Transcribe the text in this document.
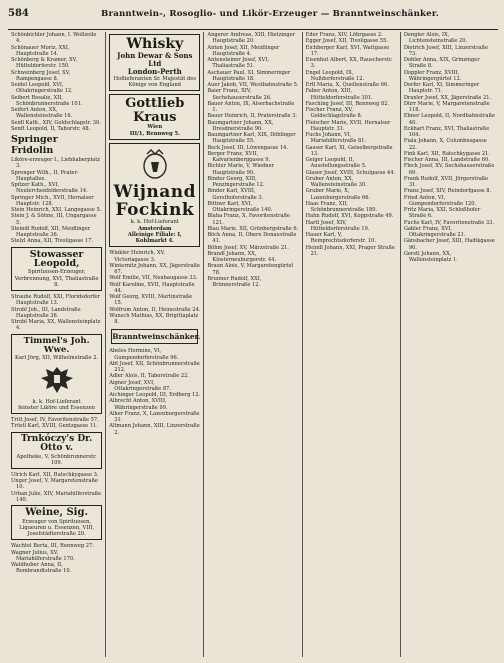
584	Branntwein-, Rosoglio- und Likör-Erzeuger — Branntweinschänker.
Schönbichler Johann, I. Wollzeile 4.
Schönauer Moriz, XXI, Hauptstraße 14.
Schönberg & Kramer, XV, Hütteldorferstr. 150.
Schweinberg Josef, XV, Rampengasse 8.
Seidel Leopold, XVI, Ottakringerstraße 12.
Seibert Rosalie, XII, Schönbrunnerstraße 101.
Seifert Anton, XX, Wallensteinstraße 16.
Seidl Kath., XIV, Goldschlagstr. 30.
Senft Leopold, II, Taborstr. 48.
Springer Fridolin
Liköre-erzeuger I., Liebhaberplatz 3.
Sprenger Wilh., II, Prater-Hauptallee.
Spitzer Kath., XVI, Neulerchenfelderstraße 14.
Springer Mich., XVII, Hernalser Hauptstr. 128.
Stein Heinrich, XXI, Langegasse 5.
Stein J. & Söhne, III, Ungargasse 5.
Steindl Rudolf, XII, Meidlinger Hauptstraße 36.
Stelzl Anna, XII, Tivoligasse 17.
Stowasser Leopold,
Spirituosen-Erzeuger, Verbrennung, XVI, Thaliastraße 8.
Straube Rudolf, XXI, Floridsdorfer Hauptstraße 13.
Strobl Joh., III, Landstraße Hauptstraße 36.
Strobl Maria, XX, Wallensteinplatz 4.
Timmel's Joh. Wwe.
Karl Jörg, XII, Wilhelmstraße 2.
k. k. Hof-Lieferant
feinster Liköre und Essenzen
Tritt Josef, IV, Favoritenstraße 57.
Tröstl Karl, XVIII, Gentzgasse 11.
Trnkóczy's Dr. Otto v.
Apotheke, V, Schönbrunnerstr. 109.
Ulrich Karl, XII, Ratschkygasse 3.
Unger Josef, V, Margaretenstraße 10.
Urban Julie, XIV, Mariahilferstraße 140.
Weine, Sig.
Erzeuger von Spirituosen, Liqueuren u. Essenzen, VIII, Josefstädterstraße 20.
Wachtel Berta, III, Rennweg 27.
Wagner Julius, XV, Mariahilferstraße 170.
Waldhuber Anna, II, Rembrandtstraße 10.
Whisky
John Dewar & Sons Ltd
London-Perth
Hoflieferanten Sr. Majestät des Königs von England
Gottlieb Kraus
Wien
III/1, Rennweg 5.
Wijnand
Fockink
k. k. Hof-Lieferant
Amsterdam
Alleinige Filiale: I, Kohlmarkt 4.
Winkler Heinrich, XV, Victoriagasse 3.
Winternitz Johann, XX, Jägerstraße 67.
Wolf Emilie, VII, Neubaugasse 33.
Wolf Karoline, XVII, Hauptstraße 44.
Wolf Georg, XVIII, Martinstraße 15.
Wolfrum Anton, II, Heinestraße 24.
Wunsch Mathias, XX, Brigittaplatz 8.
Branntweinschänker.
Abeles Hermine, VI, Gumpendorferstraße 96.
Abt Josef, XII, Schönbrunnerstraße 212.
Adler Alois, II, Taborstraße 22.
Aigner Josef, XVI, Ottakringerstraße 87.
Aichinger Leopold, III, Erdberg 12.
Albrecht Anton, XVIII, Währingerstraße 99.
Alker Franz, X, Laxenburgerstraße 31.
Altmann Johann, XIII, Linzerstraße 2.
Angerer Andreas, XIII, Hietzinger Hauptstraße 20.
Anton Josef, XII, Meidlinger Hauptstraße 4.
Antensteiner Josef, XVI, Thaliastraße 51.
Aschauer Paul, XI, Simmeringer Hauptstraße 18.
Auer Jakob, VII, Westbahnstraße 5.
Baier Franz, XIV, Sechshauserstraße 26.
Bauer Anton, IX, Alserbachstraße 1.
Bauer Heinrich, II, Praterstraße 3.
Baumgartner Johann, XX, Dresdnerstraße 90.
Baumgartner Karl, XIX, Döblinger Hauptstraße 55.
Beck Josef, III, Löwengasse 14.
Berger Franz, XVII, Kalvarienberggasse 9.
Bichler Marie, V, Wiedner Hauptstraße 90.
Binder Georg, XIII, Penzingerstraße 12.
Binder Karl, XVIII, Gersthoferstraße 3.
Bittner Karl, XVI, Ottakringerstraße 140.
Blaha Franz, X, Favoritenstraße 121.
Blau Marie, XII, Grünbergstraße 6.
Böck Anna, II, Obere Donaustraße 41.
Böhm Josef, XV, Märzstraße 21.
Brandl Johann, XX, Klosterneuburgerstr. 44.
Braun Alois, V, Margaretengürtel 78.
Brunner Rudolf, XXI, Brünnerstraße 12.
Eder Franz, XIV, Löhrgasse 2.
Egger Josef, XII, Tivoligasse 55.
Eichberger Karl, XVI, Wattgasse 17.
Eisenhut Albert, XX, Rauscherstr. 3.
Engel Leopold, IX, Nußdorferstraße 12.
Ertl Maria, X, Quellenstraße 66.
Faber Anton, XIII, Hütteldorferstraße 301.
Fasching Josef, III, Rennweg 82.
Fischer Franz, XV, Goldschlagstraße 8.
Fleischer Marie, XVII, Hernalser Hauptstr. 31.
Fuchs Johann, VI, Mariahilferstraße 81.
Gasser Karl, XI, Geiselbergstraße 13.
Geiger Leopold, II, Ausstellungsstraße 5.
Glaser Josef, XVIII, Schulgasse 44.
Gruber Anton, XX, Wallensteinstraße 30.
Gruber Marie, X, Laxenburgerstraße 66.
Haas Franz, XII, Schönbrunnerstraße 180.
Hahn Rudolf, XVI, Koppstraße 49.
Hartl Josef, XIV, Hütteldorferstraße 19.
Hauer Karl, V, Reinprechtsdorferstr. 10.
Heindl Johann, XXI, Prager Straße 21.
Dengler Alois, IX, Lichtensteinstraße 20.
Dietrich Josef, XIII, Linzerstraße 73.
Dobler Anna, XIX, Grinzinger Straße 8.
Doppler Franz, XVIII, Währingergürtel 12.
Dorfer Karl, XI, Simmeringer Hauptstr. 71.
Draxler Josef, XX, Jägerstraße 21.
Dürr Marie, V, Margaretenstraße 118.
Ebner Leopold, II, Nordbahnstraße 40.
Eckhart Franz, XVI, Thaliastraße 104.
Fiala Johann, X, Columbusgasse 22.
Fink Karl, XII, Ratschkygasse 21.
Fischer Anna, III, Landstraße 60.
Fleck Josef, XV, Sechshauserstraße 69.
Frank Rudolf, XVII, Jörgerstraße 31.
Franz Josef, XIV, Reindorfgasse 8.
Fried Anton, VI, Gumpendorferstraße 120.
Fritz Maria, XXI, Schloßhofer Straße 6.
Fuchs Karl, IV, Favoritenstraße 33.
Gabler Franz, XVI, Ottakringerstraße 21.
Gänsbacher Josef, XIII, Hadikgasse 90.
Gerstl Johann, XX, Wallensteinplatz 1.
